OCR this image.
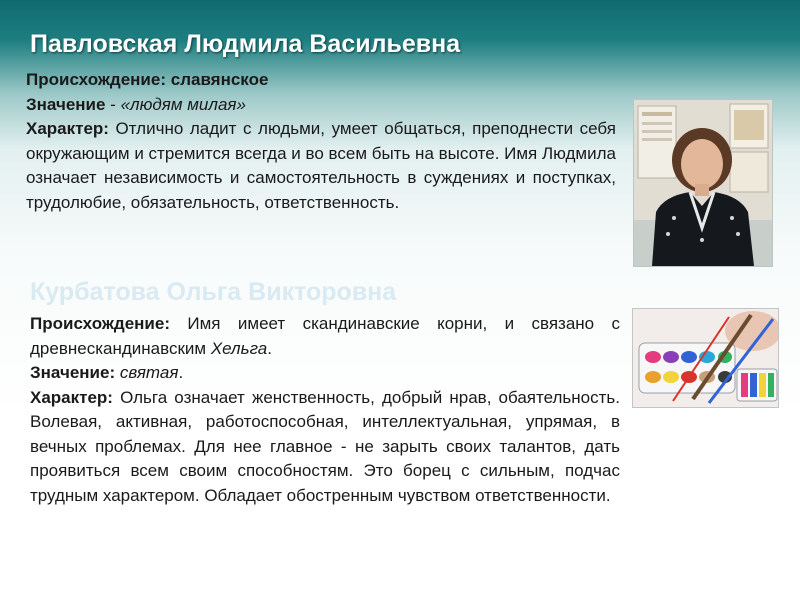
Павловская Людмила Васильевна

Происхождение: славянское

Значение - «людям милая»

Характер: Отлично ладит с людьми, умеет общаться, преподнести себя окружающим и стремится всегда и во всем быть на высоте. Имя Людмила означает независимость и самостоятельность в суждениях и поступках, трудолюбие, обязательность, ответственность.

Курбатова Ольга Викторовна

Происхождение: Имя имеет скандинавские корни, и связано с древнескандинавским Хельга.

Значение: святая.

Характер: Ольга означает женственность, добрый нрав, обаятельность. Волевая, активная, работоспособная, интеллектуальная, упрямая, в вечных проблемах. Для нее главное - не зарыть своих талантов, дать проявиться всем своим способностям. Это борец с сильным, подчас трудным характером. Обладает обостренным чувством ответственности.
